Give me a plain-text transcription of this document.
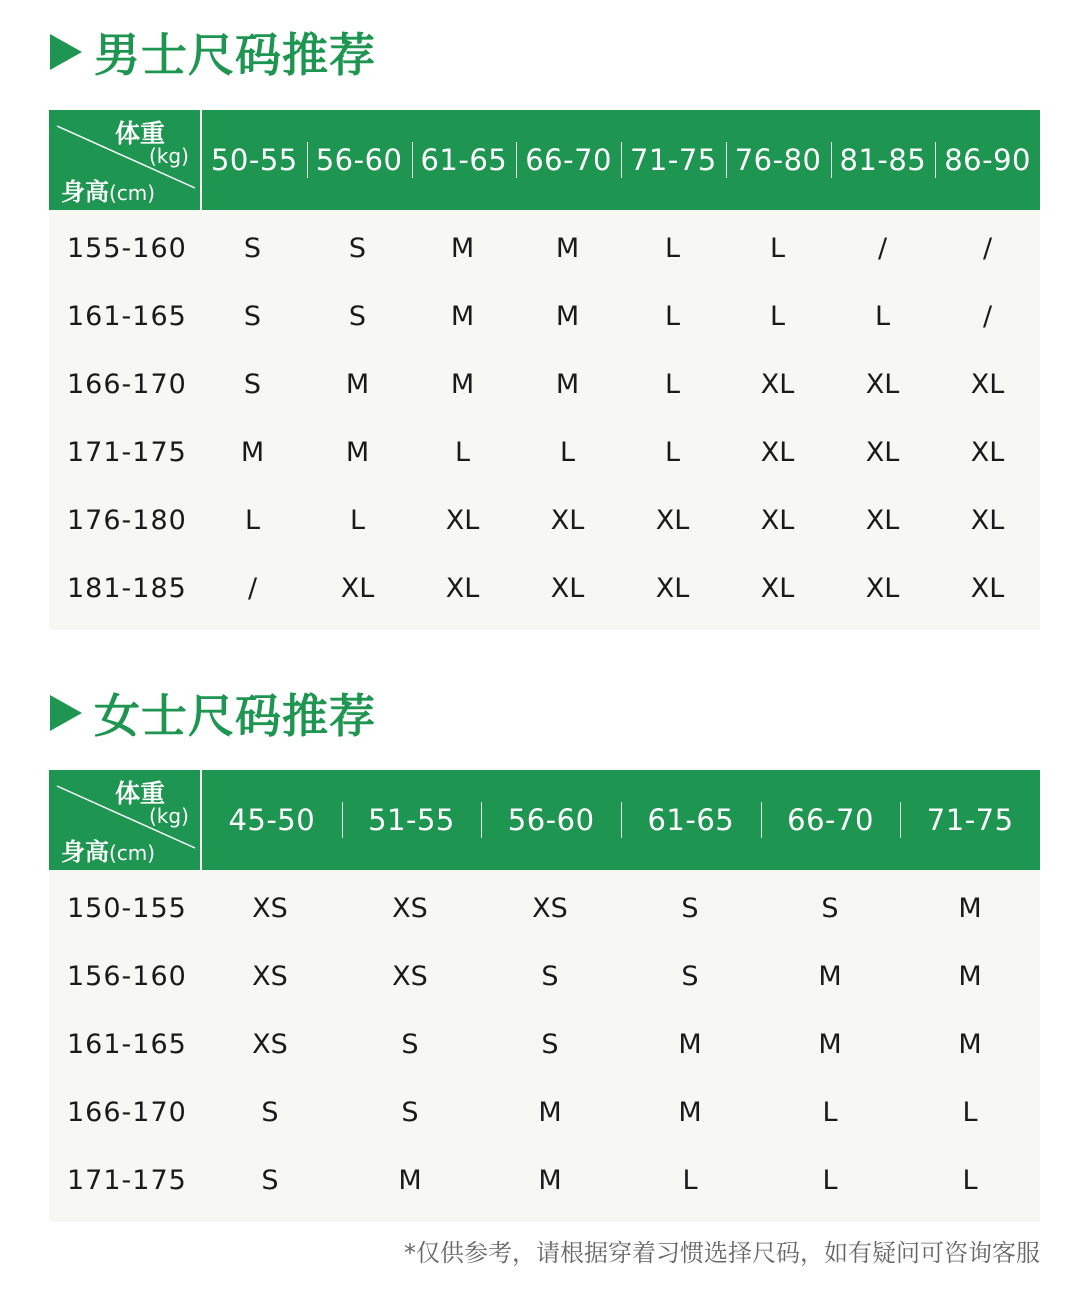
男士尺码推荐
体重
(kg)
身高(cm)
50-55 56-60 61-65 66-70 71-75 76-80 81-85 86-90
155-160	S	S	M	M	L	L	/	/
161-165	S	S	M	M	L	L	L	/
166-170	S	M	M	M	L	XL	XL	XL
171-175	M	M	L	L	L	XL	XL	XL
176-180	L	L	XL	XL	XL	XL	XL	XL
181-185	/	XL	XL	XL	XL	XL	XL	XL
女士尺码推荐
体重
(kg)
身高(cm)
45-50	51-55	56-60	61-65	66-70	71-75
150-155	XS	XS	XS	S	S	M
156-160	XS	XS	S	S	M	M
161-165	XS	S	S	M	M	M
166-170	S	S	M	M	L	L
171-175	S	M	M	L	L	L
*仅供参考，请根据穿着习惯选择尺码，如有疑问可咨询客服
